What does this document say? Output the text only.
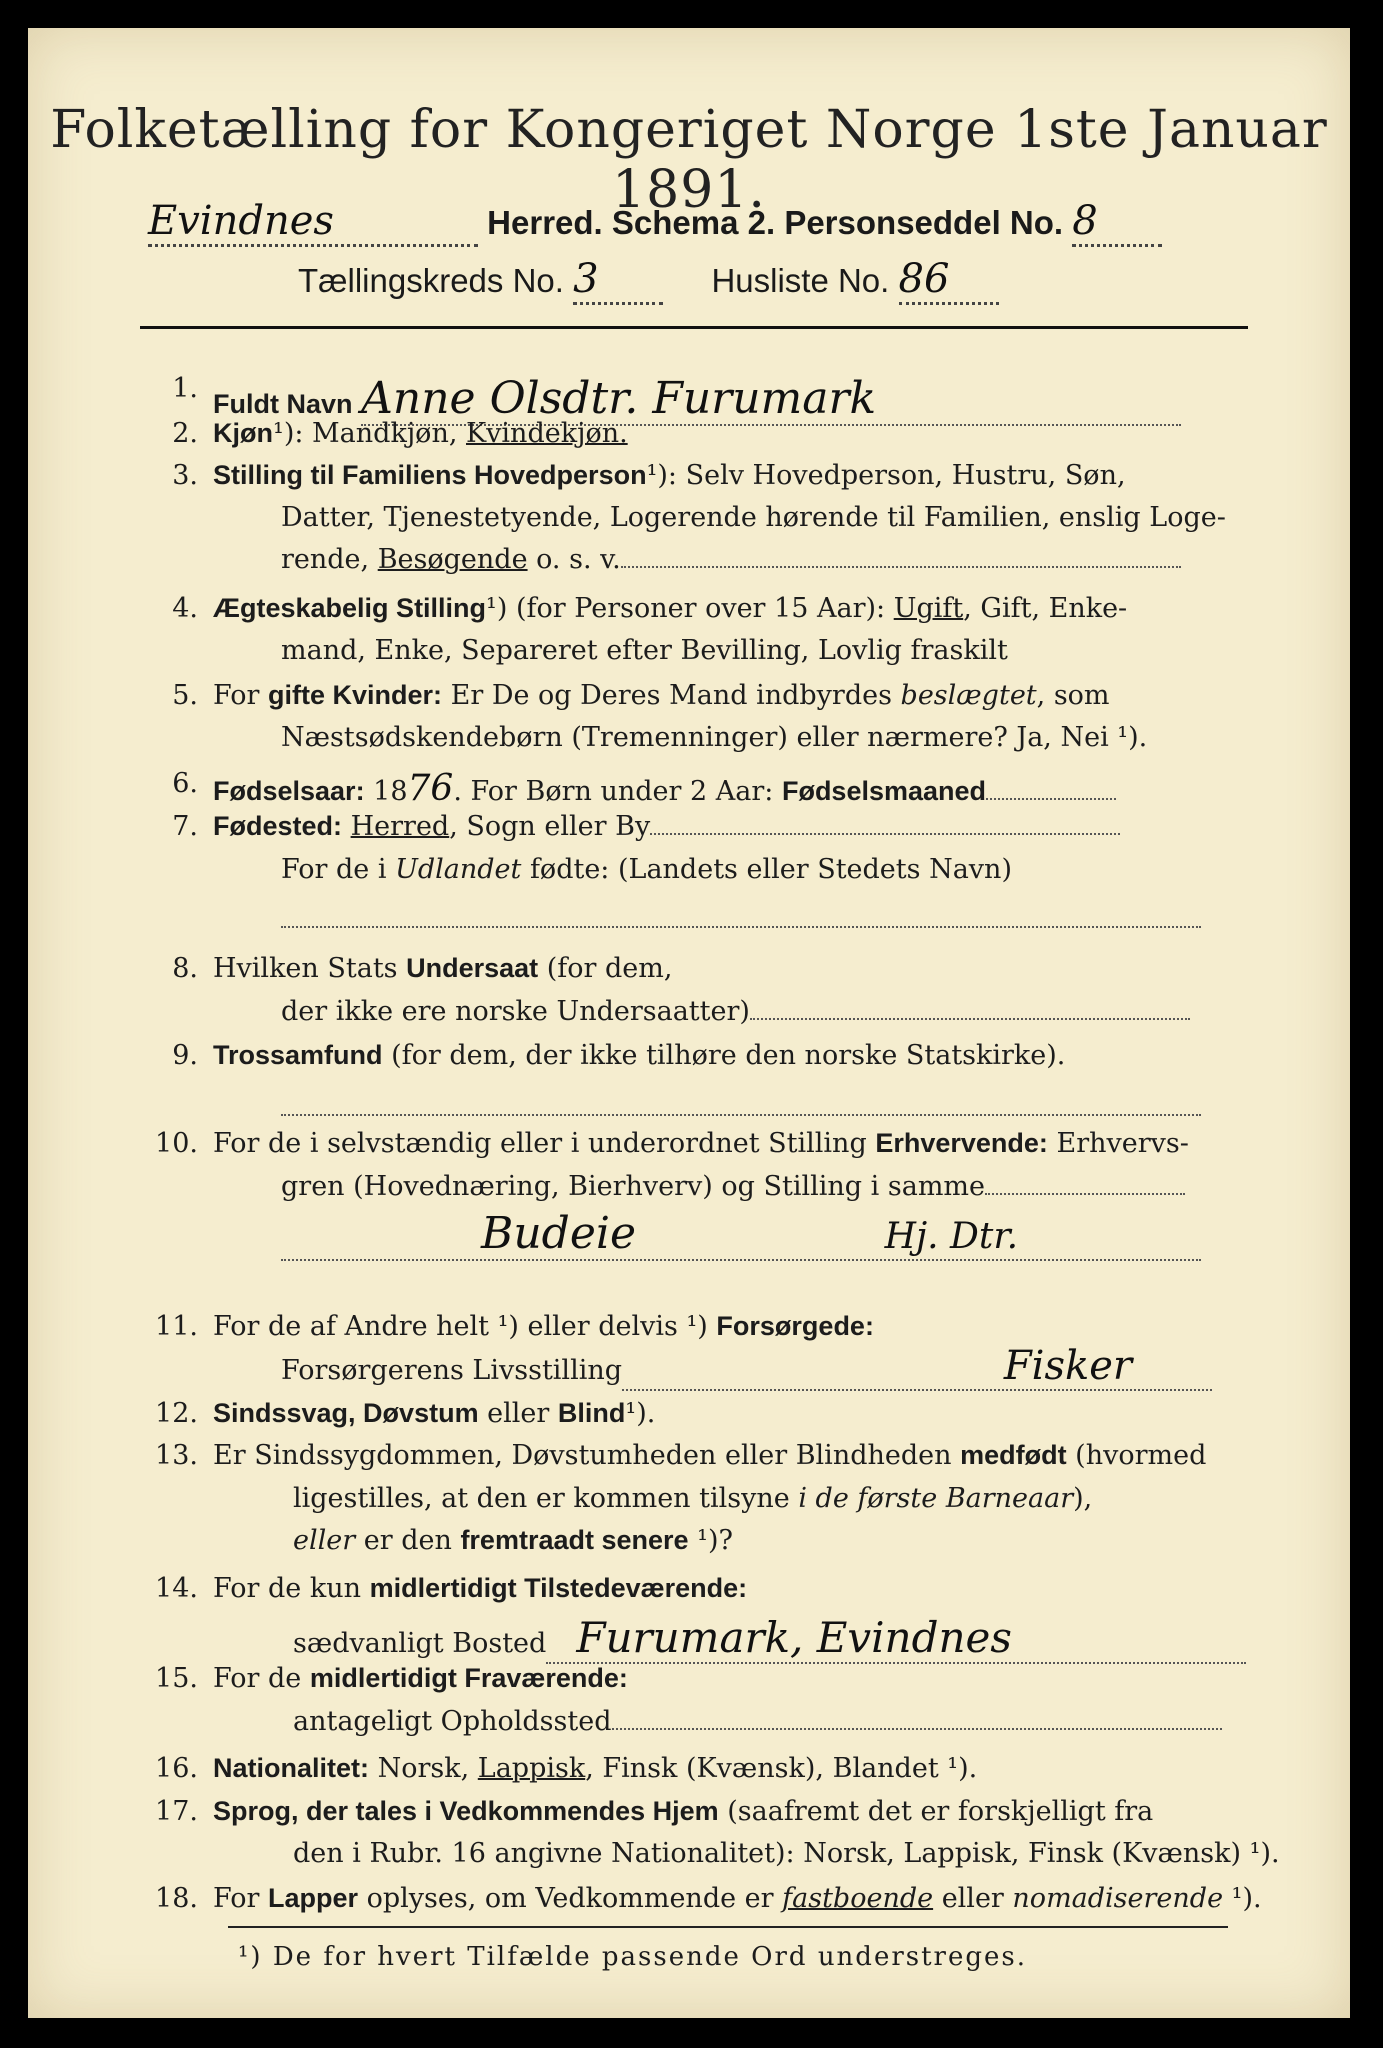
Folketælling for Kongeriget Norge 1ste Januar 1891.
Evindnes	Herred. Schema 2. Personseddel No. 8
Tællingskreds No. 3	Husliste No. 86
1. Fuldt Navn Anne Olsdtr. Furumark
2. Kjøn¹): Mandkjøn, Kvindekjøn.
3. Stilling til Familiens Hovedperson¹): Selv Hovedperson, Hustru, Søn,
Datter, Tjenestetyende, Logerende hørende til Familien, enslig Loge-
rende, Besøgende o. s. v.
4. Ægteskabelig Stilling¹) (for Personer over 15 Aar): Ugift, Gift, Enke-
mand, Enke, Separeret efter Bevilling, Lovlig fraskilt
5. For gifte Kvinder: Er De og Deres Mand indbyrdes beslægtet, som
Næstsødskendebørn (Tremenninger) eller nærmere? Ja, Nei ¹).
6. Fødselsaar: 1876. For Børn under 2 Aar: Fødselsmaaned
7. Fødested: Herred, Sogn eller By
For de i Udlandet fødte: (Landets eller Stedets Navn)
8. Hvilken Stats Undersaat (for dem,
der ikke ere norske Undersaatter)
9. Trossamfund (for dem, der ikke tilhøre den norske Statskirke).
10. For de i selvstændig eller i underordnet Stilling Erhvervende: Erhvervs-
gren (Hovednæring, Bierhverv) og Stilling i samme
Budeie	Hj. Dtr.
11. For de af Andre helt ¹) eller delvis ¹) Forsørgede:
Forsørgerens Livsstilling	Fisker
12. Sindssvag, Døvstum eller Blind¹).
13. Er Sindssygdommen, Døvstumheden eller Blindheden medfødt (hvormed
ligestilles, at den er kommen tilsyne i de første Barneaar),
eller er den fremtraadt senere ¹)?
14. For de kun midlertidigt Tilstedeværende:
sædvanligt Bosted Furumark, Evindnes
15. For de midlertidigt Fraværende:
antageligt Opholdssted
16. Nationalitet: Norsk, Lappisk, Finsk (Kvænsk), Blandet ¹).
17. Sprog, der tales i Vedkommendes Hjem (saafremt det er forskjelligt fra
den i Rubr. 16 angivne Nationalitet): Norsk, Lappisk, Finsk (Kvænsk) ¹).
18. For Lapper oplyses, om Vedkommende er fastboende eller nomadiserende ¹).
¹) De for hvert Tilfælde passende Ord understreges.
